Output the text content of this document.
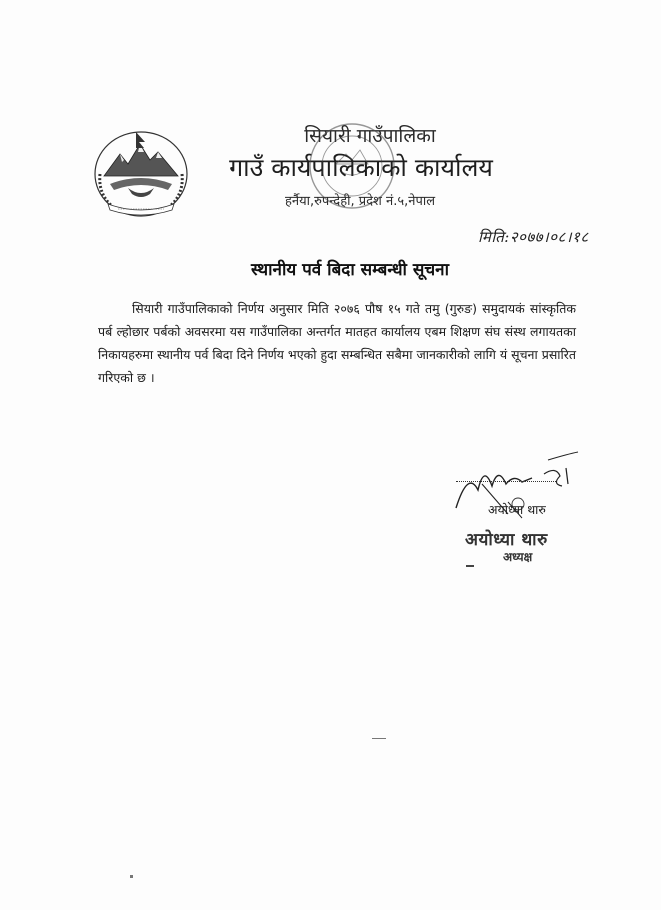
सियारी गाउँपालिका
गाउँ कार्यपालिकाको कार्यालय
हर्नैया,रुपन्देही, प्रदेश नं.५,नेपाल
मिति:२०७७।०८।१८
स्थानीय पर्व बिदा सम्बन्धी सूचना
सियारी गाउँपालिकाको निर्णय अनुसार मिति २०७६ पौष १५ गते तमु (गुरुङ) समुदायकं सांस्कृतिक पर्ब ल्होछार पर्बको अवसरमा यस गाउँपालिका अन्तर्गत मातहत कार्यालय एबम शिक्षण संघ संस्थ लगायतका निकायहरुमा स्थानीय पर्व बिदा दिने निर्णय भएको हुदा सम्बन्धित सबैमा जानकारीको लागि यं सूचना प्रसारित गरिएको छ ।
अयोध्या थारु
अयोध्या थारु
अध्यक्ष
